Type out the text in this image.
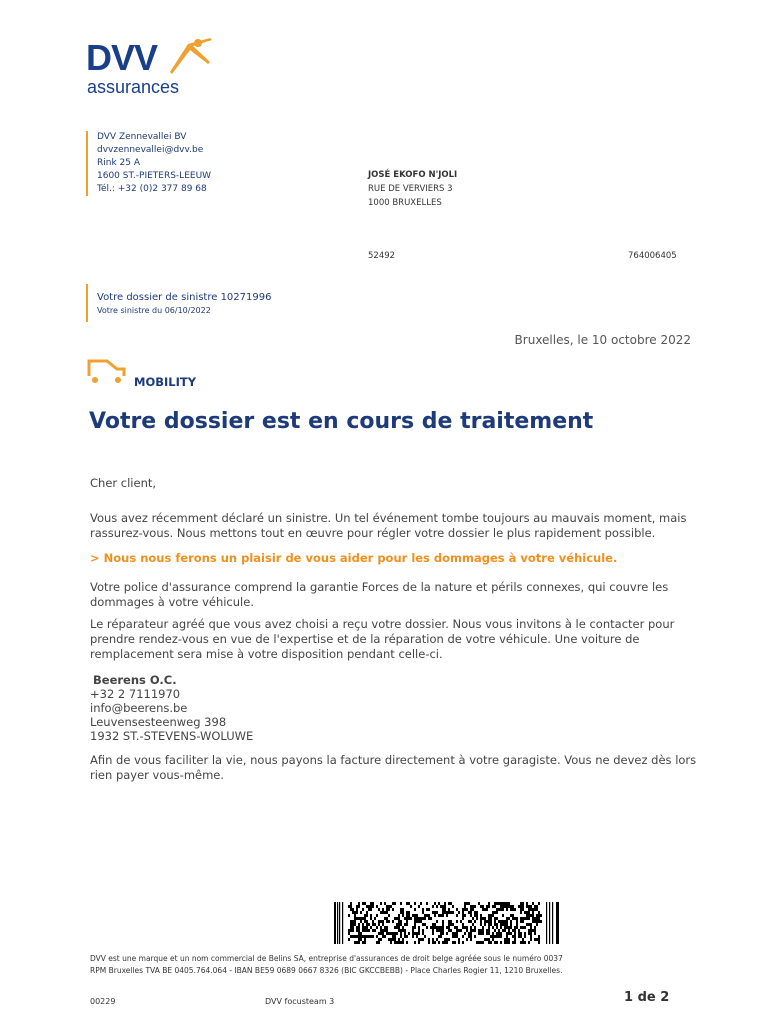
DVV
assurances
DVV Zennevallei BV
dvvzennevallei@dvv.be
Rink 25 A
1600 ST.-PIETERS-LEEUW
Tél.: +32 (0)2 377 89 68
JOSÉ EKOFO N'JOLI
RUE DE VERVIERS 3
1000 BRUXELLES
52492	764006405
Votre dossier de sinistre 10271996
Votre sinistre du 06/10/2022
Bruxelles, le 10 octobre 2022
MOBILITY
Votre dossier est en cours de traitement

Cher client,

Vous avez récemment déclaré un sinistre. Un tel événement tombe toujours au mauvais moment, mais rassurez-vous. Nous mettons tout en œuvre pour régler votre dossier le plus rapidement possible.

> Nous nous ferons un plaisir de vous aider pour les dommages à votre véhicule.

Votre police d'assurance comprend la garantie Forces de la nature et périls connexes, qui couvre les dommages à votre véhicule.

Le réparateur agréé que vous avez choisi a reçu votre dossier. Nous vous invitons à le contacter pour prendre rendez-vous en vue de l'expertise et de la réparation de votre véhicule. Une voiture de remplacement sera mise à votre disposition pendant celle-ci.

Beerens O.C.
+32 2 7111970
info@beerens.be
Leuvensesteenweg 398
1932 ST.-STEVENS-WOLUWE

Afin de vous faciliter la vie, nous payons la facture directement à votre garagiste. Vous ne devez dès lors rien payer vous-même.

DVV est une marque et un nom commercial de Belins SA, entreprise d'assurances de droit belge agréée sous le numéro 0037
RPM Bruxelles TVA BE 0405.764.064 - IBAN BE59 0689 0667 8326 (BIC GKCCBEBB) - Place Charles Rogier 11, 1210 Bruxelles.
00229	DVV focusteam 3	1 de 2
